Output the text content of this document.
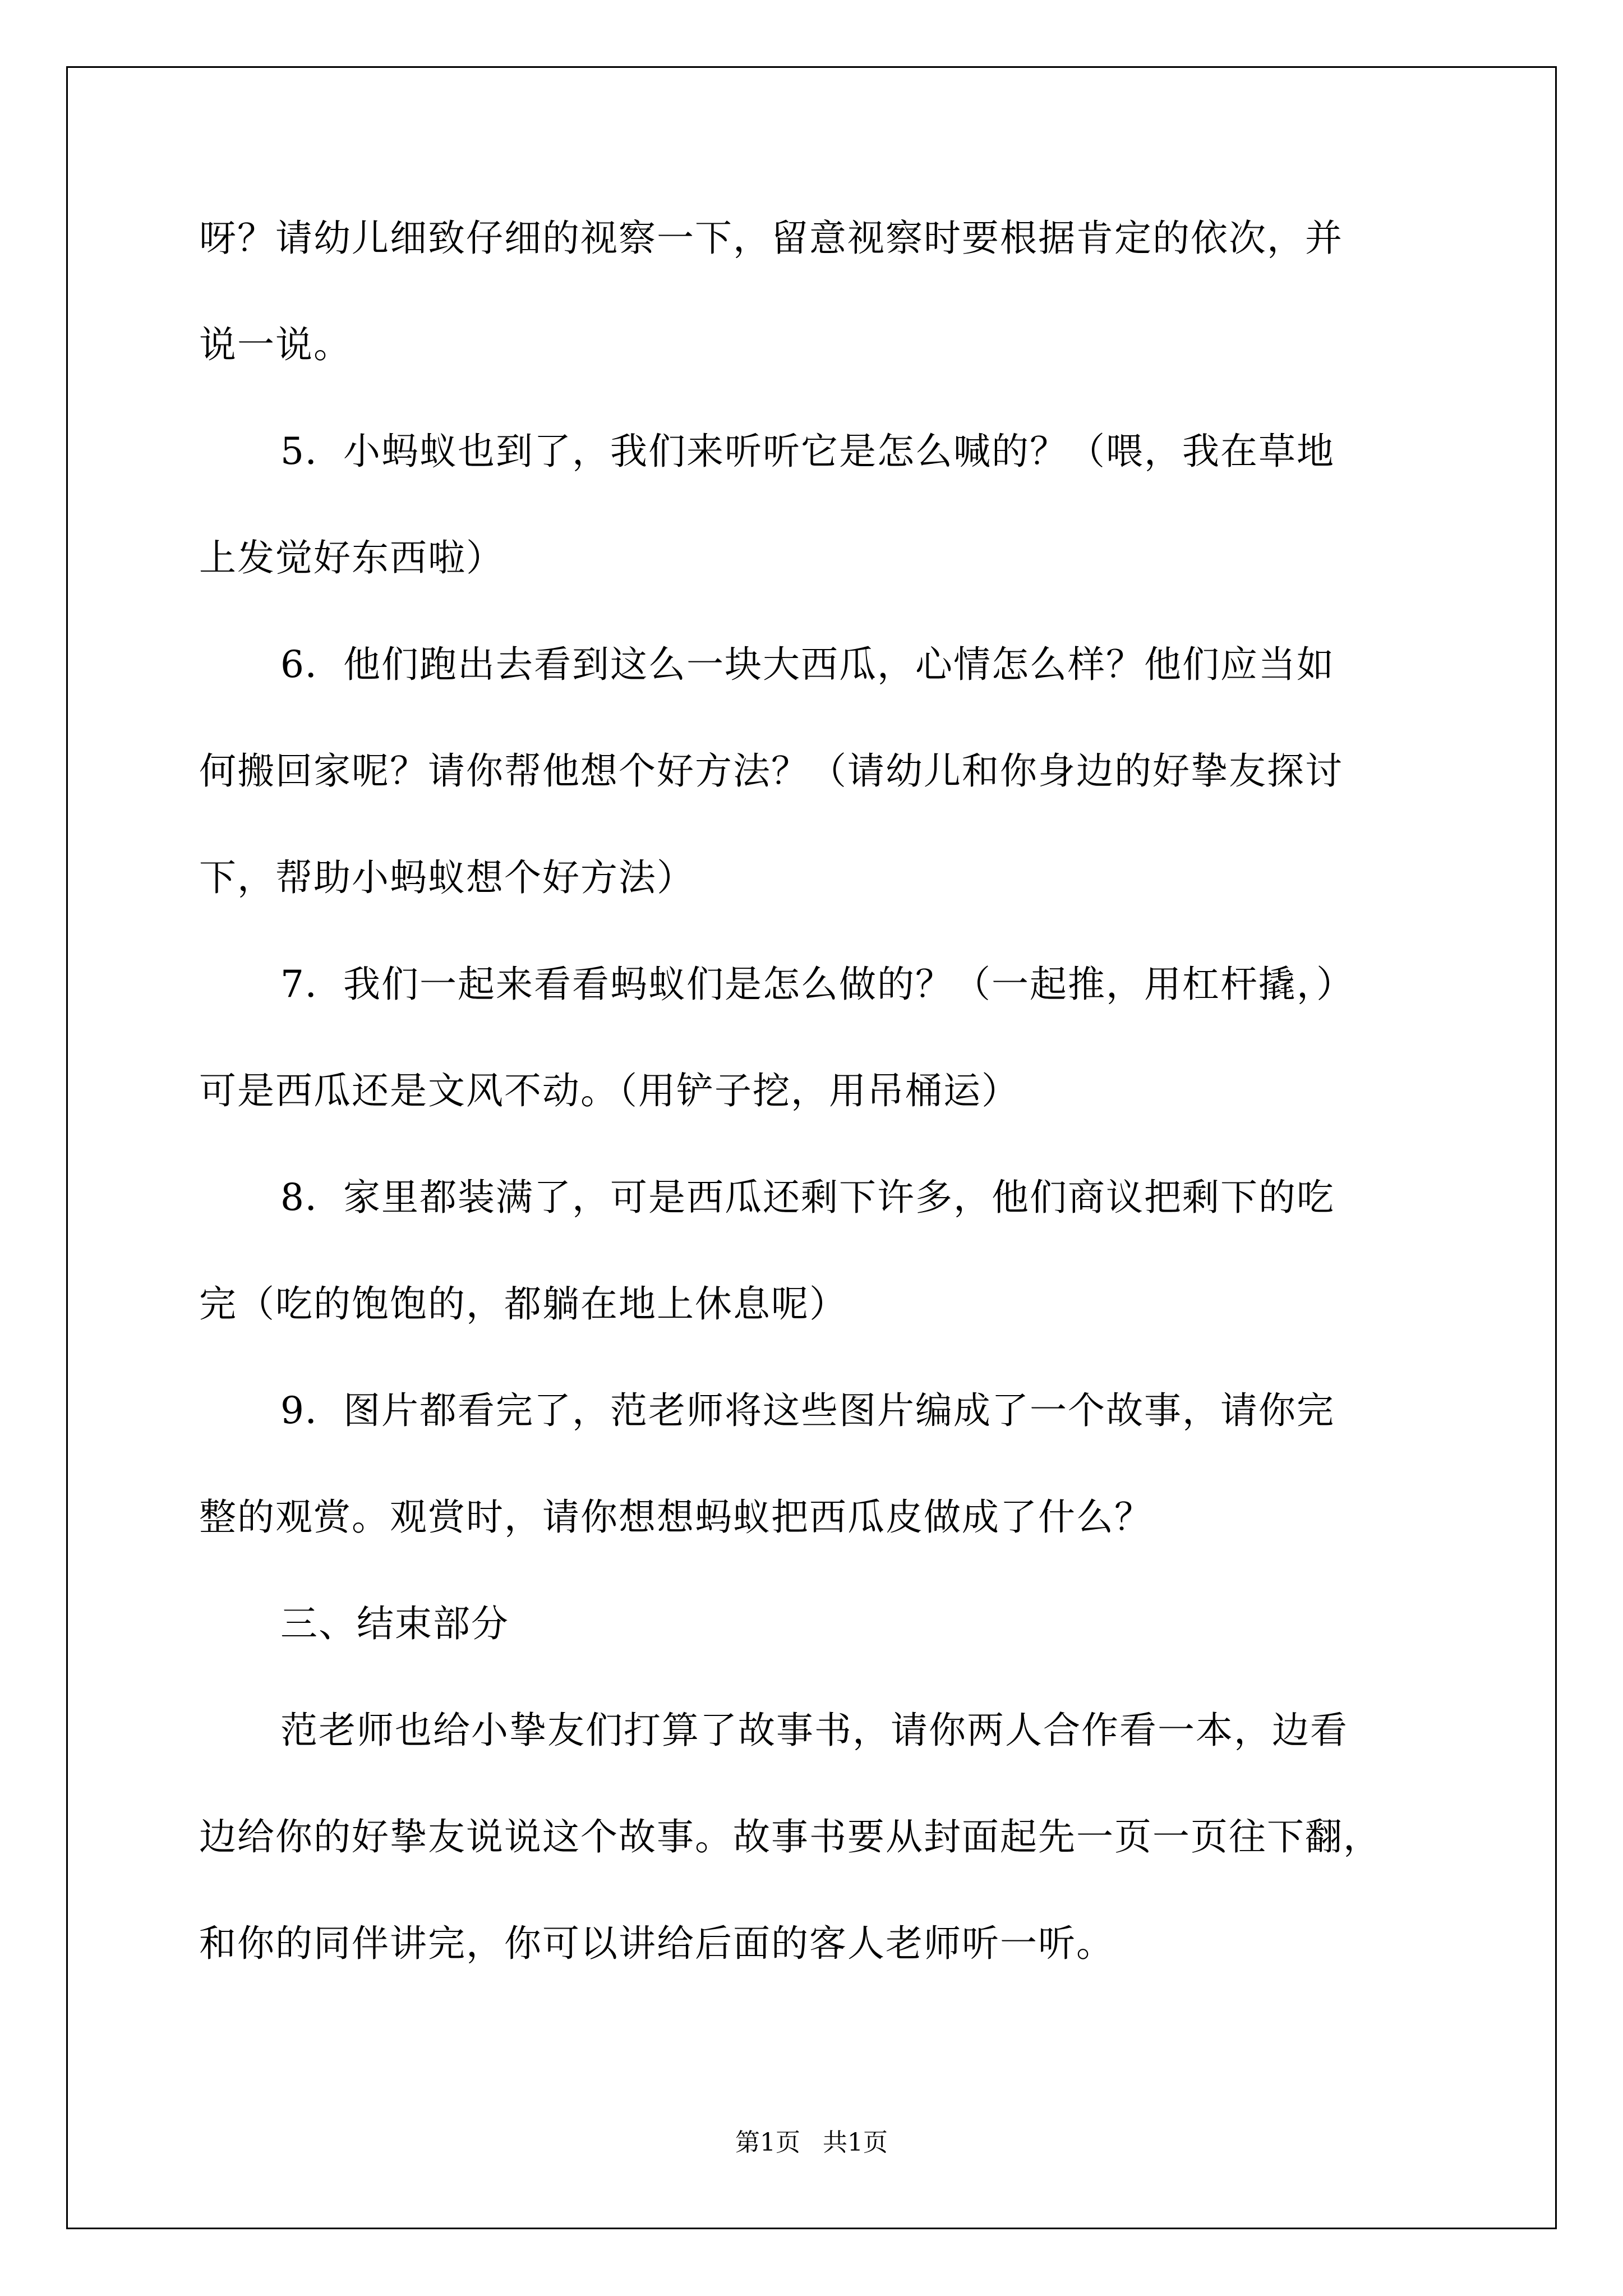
呀？请幼儿细致仔细的视察一下，留意视察时要根据肯定的依次，并
说一说。
5．小蚂蚁也到了，我们来听听它是怎么喊的？（喂，我在草地
上发觉好东西啦）
6．他们跑出去看到这么一块大西瓜，心情怎么样？他们应当如
何搬回家呢？请你帮他想个好方法？（请幼儿和你身边的好挚友探讨
下，帮助小蚂蚁想个好方法）
7．我们一起来看看蚂蚁们是怎么做的？（一起推，用杠杆撬，）
可是西瓜还是文风不动。（用铲子挖，用吊桶运）
8．家里都装满了，可是西瓜还剩下许多，他们商议把剩下的吃
完（吃的饱饱的，都躺在地上休息呢）
9．图片都看完了，范老师将这些图片编成了一个故事，请你完
整的观赏。观赏时，请你想想蚂蚁把西瓜皮做成了什么？
三、结束部分
范老师也给小挚友们打算了故事书，请你两人合作看一本，边看
边给你的好挚友说说这个故事。故事书要从封面起先一页一页往下翻，
和你的同伴讲完，你可以讲给后面的客人老师听一听。
第1页 共1页
